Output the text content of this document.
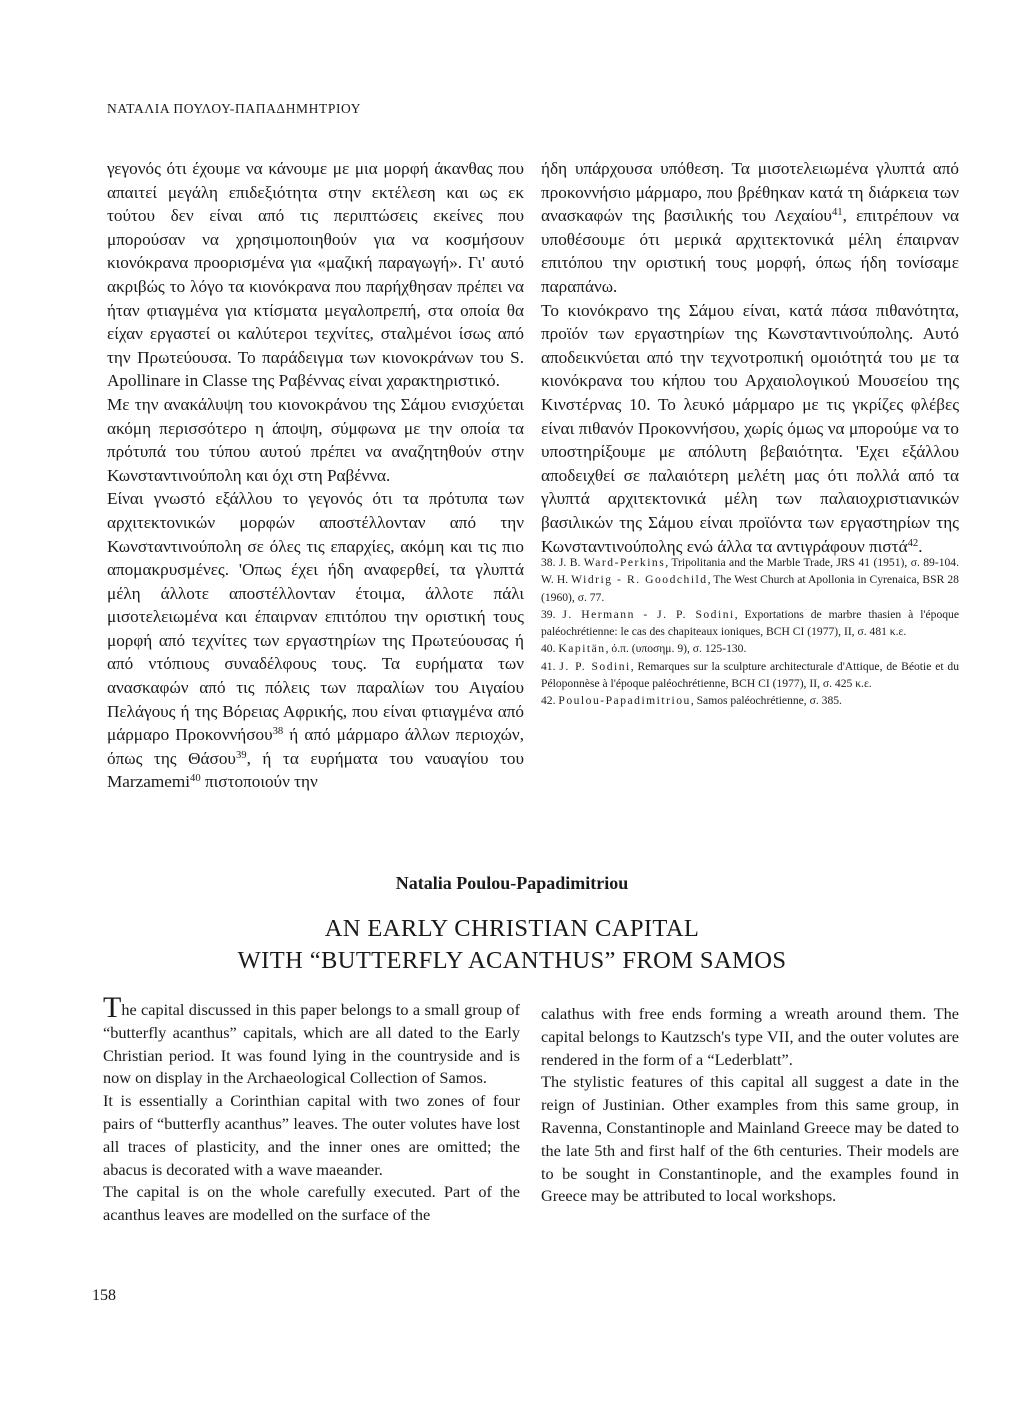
ΝΑΤΑΛΙΑ ΠΟΥΛΟΥ-ΠΑΠΑΔΗΜΗΤΡΙΟΥ

γεγονός ότι έχουμε να κάνουμε με μια μορφή άκανθας που απαιτεί μεγάλη επιδεξιότητα στην εκτέλεση και ως εκ τούτου δεν είναι από τις περιπτώσεις εκείνες που μπορούσαν να χρησιμοποιηθούν για να κοσμήσουν κιονόκρανα προορισμένα για «μαζική παραγωγή». Γι' αυτό ακριβώς το λόγο τα κιονόκρανα που παρήχθησαν πρέπει να ήταν φτιαγμένα για κτίσματα μεγαλοπρεπή, στα οποία θα είχαν εργαστεί οι καλύτεροι τεχνίτες, σταλμένοι ίσως από την Πρωτεύουσα. Το παράδειγμα των κιονοκράνων του S. Apollinare in Classe της Ραβέννας είναι χαρακτηριστικό.

Με την ανακάλυψη του κιονοκράνου της Σάμου ενισχύεται ακόμη περισσότερο η άποψη, σύμφωνα με την οποία τα πρότυπά του τύπου αυτού πρέπει να αναζητηθούν στην Κωνσταντινούπολη και όχι στη Ραβέννα.

Είναι γνωστό εξάλλου το γεγονός ότι τα πρότυπα των αρχιτεκτονικών μορφών αποστέλλονταν από την Κωνσταντινούπολη σε όλες τις επαρχίες, ακόμη και τις πιο απομακρυσμένες. 'Οπως έχει ήδη αναφερθεί, τα γλυπτά μέλη άλλοτε αποστέλλονταν έτοιμα, άλλοτε πάλι μισοτελειωμένα και έπαιρναν επιτόπου την οριστική τους μορφή από τεχνίτες των εργαστηρίων της Πρωτεύουσας ή από ντόπιους συναδέλφους τους. Τα ευρήματα των ανασκαφών από τις πόλεις των παραλίων του Αιγαίου Πελάγους ή της Βόρειας Αφρικής, που είναι φτιαγμένα από μάρμαρο Προκοννήσου$^{38}$ ή από μάρμαρο άλλων περιοχών, όπως της Θάσου$^{39}$, ή τα ευρήματα του ναυαγίου του Marzamemi$^{40}$ πιστοποιούν την

ήδη υπάρχουσα υπόθεση. Τα μισοτελειωμένα γλυπτά από προκοννήσιο μάρμαρο, που βρέθηκαν κατά τη διάρκεια των ανασκαφών της βασιλικής του Λεχαίου$^{41}$, επιτρέπουν να υποθέσουμε ότι μερικά αρχιτεκτονικά μέλη έπαιρναν επιτόπου την οριστική τους μορφή, όπως ήδη τονίσαμε παραπάνω.

Το κιονόκρανο της Σάμου είναι, κατά πάσα πιθανότητα, προϊόν των εργαστηρίων της Κωνσταντινούπολης. Αυτό αποδεικνύεται από την τεχνοτροπική ομοιότητά του με τα κιονόκρανα του κήπου του Αρχαιολογικού Μουσείου της Κινστέρνας 10. Το λευκό μάρμαρο με τις γκρίζες φλέβες είναι πιθανόν Προκοννήσου, χωρίς όμως να μπορούμε να το υποστηρίξουμε με απόλυτη βεβαιότητα. 'Εχει εξάλλου αποδειχθεί σε παλαιότερη μελέτη μας ότι πολλά από τα γλυπτά αρχιτεκτονικά μέλη των παλαιοχριστιανικών βασιλικών της Σάμου είναι προϊόντα των εργαστηρίων της Κωνσταντινούπολης ενώ άλλα τα αντιγράφουν πιστά$^{42}$.

38. J. B. Ward-Perkins, Tripolitania and the Marble Trade, JRS 41 (1951), σ. 89-104. W. H. Widrig - R. Goodchild, The West Church at Apollonia in Cyrenaica, BSR 28 (1960), σ. 77.

39. J. Hermann - J. P. Sodini, Exportations de marbre thasien à l'époque paléochrétienne: le cas des chapiteaux ioniques, BCH CI (1977), II, σ. 481 κ.ε.

40. Kapitän, ό.π. (υποσημ. 9), σ. 125-130.

41. J. P. Sodini, Remarques sur la sculpture architecturale d'Attique, de Béotie et du Péloponnèse à l'époque paléochrétienne, BCH CI (1977), II, σ. 425 κ.ε.

42. Poulou-Papadimitriou, Samos paléochrétienne, σ. 385.

Natalia Poulou-Papadimitriou
AN EARLY CHRISTIAN CAPITAL
WITH “BUTTERFLY ACANTHUS” FROM SAMOS

The capital discussed in this paper belongs to a small group of “butterfly acanthus” capitals, which are all dated to the Early Christian period. It was found lying in the countryside and is now on display in the Archaeological Collection of Samos.

It is essentially a Corinthian capital with two zones of four pairs of “butterfly acanthus” leaves. The outer volutes have lost all traces of plasticity, and the inner ones are omitted; the abacus is decorated with a wave maeander.

The capital is on the whole carefully executed. Part of the acanthus leaves are modelled on the surface of the

calathus with free ends forming a wreath around them. The capital belongs to Kautzsch's type VII, and the outer volutes are rendered in the form of a “Lederblatt”.

The stylistic features of this capital all suggest a date in the reign of Justinian. Other examples from this same group, in Ravenna, Constantinople and Mainland Greece may be dated to the late 5th and first half of the 6th centuries. Their models are to be sought in Constantinople, and the examples found in Greece may be attributed to local workshops.

158
